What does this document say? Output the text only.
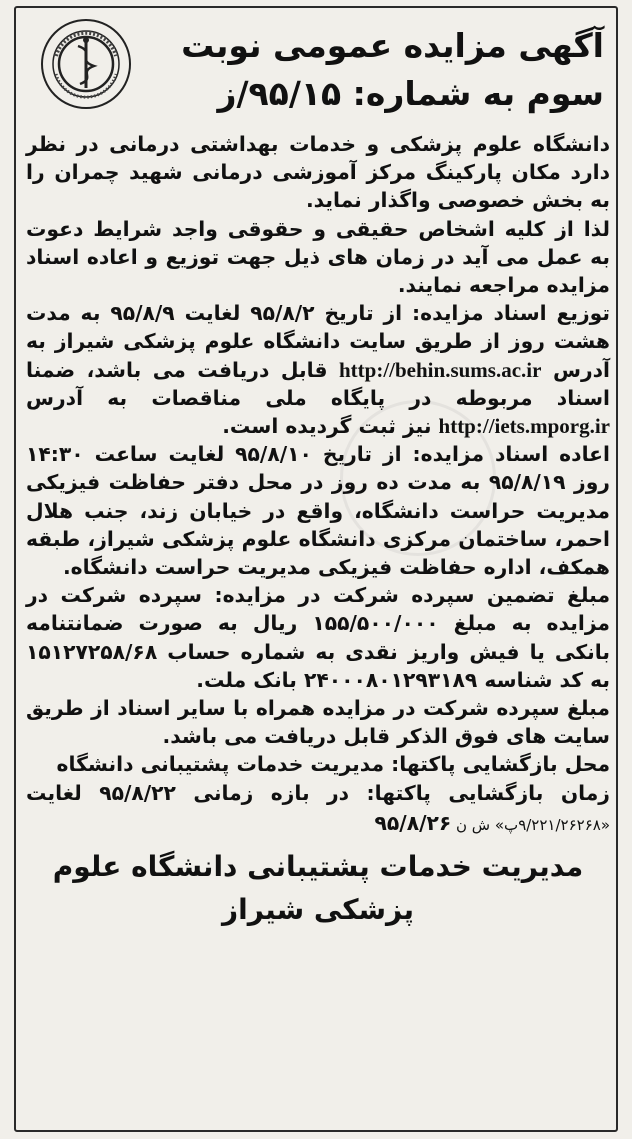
آگهی مزایده عمومی نوبت
سوم به شماره: ۹۵/۱۵/ز

دانشگاه علوم پزشکی و خدمات بهداشتی درمانی در نظر دارد مکان پارکینگ مرکز آموزشی درمانی شهید چمران را به بخش خصوصی واگذار نماید.

لذا از کلیه اشخاص حقیقی و حقوقی واجد شرایط دعوت به عمل می آید در زمان های ذیل جهت توزیع و اعاده اسناد مزایده مراجعه نمایند.

توزیع اسناد مزایده: از تاریخ ۹۵/۸/۲ لغایت ۹۵/۸/۹ به مدت هشت روز از طریق سایت دانشگاه علوم پزشکی شیراز به آدرس http://behin.sums.ac.ir قابل دریافت می باشد، ضمنا اسناد مربوطه در پایگاه ملی مناقصات به آدرس http://iets.mporg.ir نیز ثبت گردیده است.

اعاده اسناد مزایده: از تاریخ ۹۵/۸/۱۰ لغایت ساعت ۱۴:۳۰ روز ۹۵/۸/۱۹ به مدت ده روز در محل دفتر حفاظت فیزیکی مدیریت حراست دانشگاه، واقع در خیابان زند، جنب هلال احمر، ساختمان مرکزی دانشگاه علوم پزشکی شیراز، طبقه همکف، اداره حفاظت فیزیکی مدیریت حراست دانشگاه.

مبلغ تضمین سپرده شرکت در مزایده: سپرده شرکت در مزایده به مبلغ ۱۵۵/۵۰۰/۰۰۰ ریال به صورت ضمانتنامه بانکی یا فیش واریز نقدی به شماره حساب ۱۵۱۲۷۲۵۸/۶۸ به کد شناسه ۲۴۰۰۰۸۰۱۲۹۳۱۸۹ بانک ملت.

مبلغ سپرده شرکت در مزایده همراه با سایر اسناد از طریق سایت های فوق الذکر قابل دریافت می باشد.

محل بازگشایی پاکتها: مدیریت خدمات پشتیبانی دانشگاه

زمان بازگشایی پاکتها: در بازه زمانی ۹۵/۸/۲۲ لغایت «۹/۲۲۱/۲۶۲۶۸پ» ش ن ۹۵/۸/۲۶

مدیریت خدمات پشتیبانی دانشگاه علوم
پزشکی شیراز
